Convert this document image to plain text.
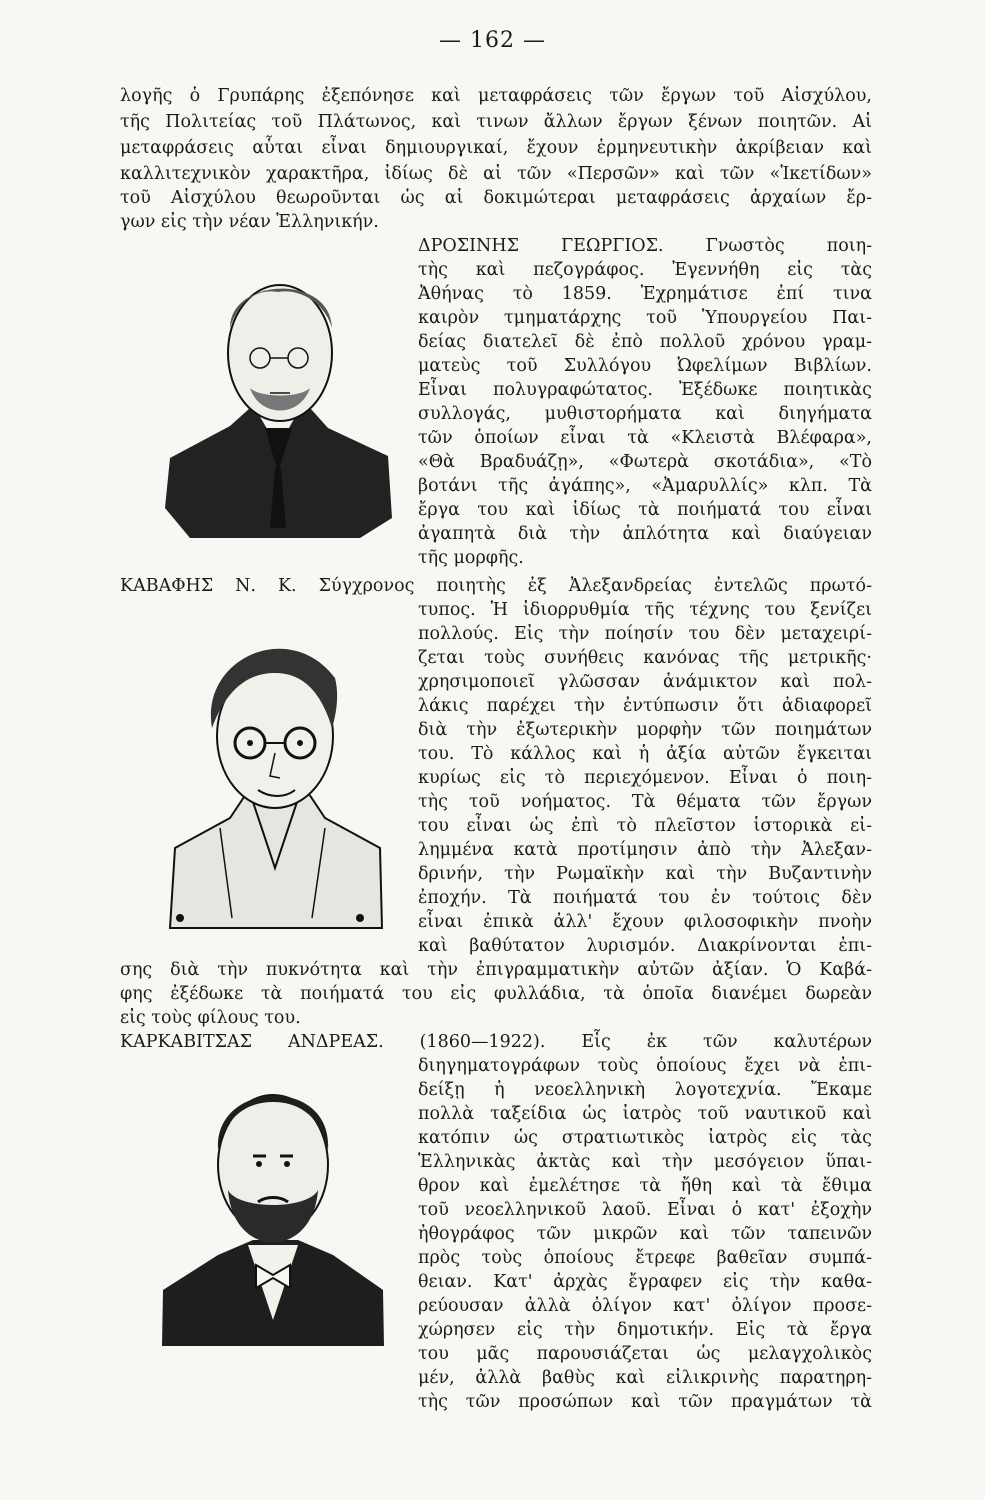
— 162 —
λογῆς ὁ Γρυπάρης ἐξεπόνησε καὶ μεταφράσεις τῶν ἔργων τοῦ Αἰσχύλου,
τῆς Πολιτείας τοῦ Πλάτωνος, καὶ τινων ἄλλων ἔργων ξένων ποιητῶν. Αἱ
μεταφράσεις αὗται εἶναι δημιουργικαί, ἔχουν ἑρμηνευτικὴν ἀκρίβειαν καὶ
καλλιτεχνικὸν χαρακτῆρα, ἰδίως δὲ αἱ τῶν «Περσῶν» καὶ τῶν «Ἱκετίδων»
τοῦ Αἰσχύλου θεωροῦνται ὡς αἱ δοκιμώτεραι μεταφράσεις ἀρχαίων ἔρ-
γων εἰς τὴν νέαν Ἑλληνικήν.
ΔΡΟΣΙΝΗΣ ΓΕΩΡΓΙΟΣ. Γνωστὸς ποιη-
τὴς καὶ πεζογράφος. Ἐγεννήθη εἰς τὰς
Ἀθήνας τὸ 1859. Ἐχρημάτισε ἐπί τινα
καιρὸν τμηματάρχης τοῦ Ὑπουργείου Παι-
δείας διατελεῖ δὲ ἐπὸ πολλοῦ χρόνου γραμ-
ματεὺς τοῦ Συλλόγου Ὠφελίμων Βιβλίων.
Εἶναι πολυγραφώτατος. Ἐξέδωκε ποιητικὰς
συλλογάς, μυθιστορήματα καὶ διηγήματα
τῶν ὁποίων εἶναι τὰ «Κλειστὰ Βλέφαρα»,
«Θὰ Βραδυάζῃ», «Φωτερὰ σκοτάδια», «Τὸ
βοτάνι τῆς ἀγάπης», «Ἀμαρυλλίς» κλπ. Τὰ
ἔργα του καὶ ἰδίως τὰ ποιήματά του εἶναι
ἀγαπητὰ διὰ τὴν ἁπλότητα καὶ διαύγειαν
τῆς μορφῆς.
ΚΑΒΑΦΗΣ Ν. Κ. Σύγχρονος ποιητὴς ἐξ Ἀλεξανδρείας ἐντελῶς πρωτό-
τυπος. Ἡ ἰδιορρυθμία τῆς τέχνης του ξενίζει
πολλούς. Εἰς τὴν ποίησίν του δὲν μεταχειρί-
ζεται τοὺς συνήθεις κανόνας τῆς μετρικῆς·
χρησιμοποιεῖ γλῶσσαν ἀνάμικτον καὶ πολ-
λάκις παρέχει τὴν ἐντύπωσιν ὅτι ἀδιαφορεῖ
διὰ τὴν ἐξωτερικὴν μορφὴν τῶν ποιημάτων
του. Τὸ κάλλος καὶ ἡ ἀξία αὐτῶν ἔγκειται
κυρίως εἰς τὸ περιεχόμενον. Εἶναι ὁ ποιη-
τὴς τοῦ νοήματος. Τὰ θέματα τῶν ἔργων
του εἶναι ὡς ἐπὶ τὸ πλεῖστον ἱστορικὰ εἰ-
λημμένα κατὰ προτίμησιν ἀπὸ τὴν Ἀλεξαν-
δρινήν, τὴν Ρωμαϊκὴν καὶ τὴν Βυζαντινὴν
ἐποχήν. Τὰ ποιήματά του ἐν τούτοις δὲν
εἶναι ἐπικὰ ἀλλ' ἔχουν φιλοσοφικὴν πνοὴν
καὶ βαθύτατον λυρισμόν. Διακρίνονται ἐπι-
σης διὰ τὴν πυκνότητα καὶ τὴν ἐπιγραμματικὴν αὐτῶν ἀξίαν. Ὁ Καβά-
φης ἐξέδωκε τὰ ποιήματά του εἰς φυλλάδια, τὰ ὁποῖα διανέμει δωρεὰν
εἰς τοὺς φίλους του.
ΚΑΡΚΑΒΙΤΣΑΣ ΑΝΔΡΕΑΣ. (1860—1922). Εἷς ἐκ τῶν καλυτέρων
διηγηματογράφων τοὺς ὁποίους ἔχει νὰ ἐπι-
δείξῃ ἡ νεοελληνικὴ λογοτεχνία. Ἔκαμε
πολλὰ ταξείδια ὡς ἰατρὸς τοῦ ναυτικοῦ καὶ
κατόπιν ὡς στρατιωτικὸς ἰατρὸς εἰς τὰς
Ἑλληνικὰς ἀκτὰς καὶ τὴν μεσόγειον ὕπαι-
θρον καὶ ἐμελέτησε τὰ ἤθη καὶ τὰ ἔθιμα
τοῦ νεοελληνικοῦ λαοῦ. Εἶναι ὁ κατ' ἐξοχὴν
ἠθογράφος τῶν μικρῶν καὶ τῶν ταπεινῶν
πρὸς τοὺς ὁποίους ἔτρεφε βαθεῖαν συμπά-
θειαν. Κατ' ἀρχὰς ἔγραφεν εἰς τὴν καθα-
ρεύουσαν ἀλλὰ ὀλίγον κατ' ὀλίγον προσε-
χώρησεν εἰς τὴν δημοτικήν. Εἰς τὰ ἔργα
του μᾶς παρουσιάζεται ὡς μελαγχολικὸς
μέν, ἀλλὰ βαθὺς καὶ εἰλικρινὴς παρατηρη-
τὴς τῶν προσώπων καὶ τῶν πραγμάτων τὰ
